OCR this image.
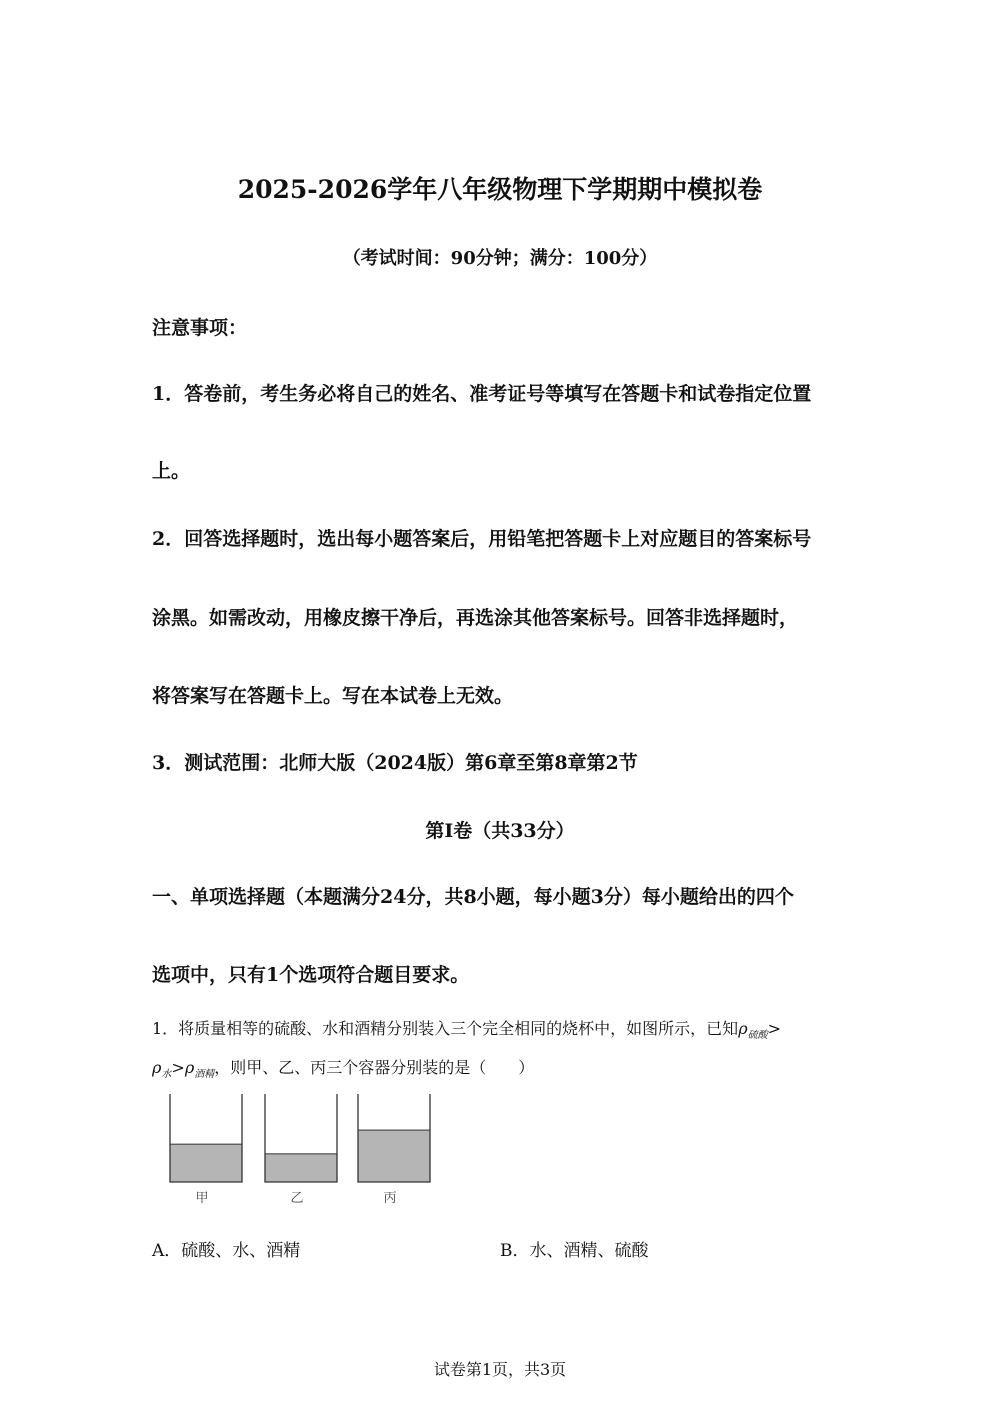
2025-2026学年八年级物理下学期期中模拟卷
（考试时间：90分钟；满分：100分）
注意事项：
1．答卷前，考生务必将自己的姓名、准考证号等填写在答题卡和试卷指定位置
上。
2．回答选择题时，选出每小题答案后，用铅笔把答题卡上对应题目的答案标号
涂黑。如需改动，用橡皮擦干净后，再选涂其他答案标号。回答非选择题时，
将答案写在答题卡上。写在本试卷上无效。
3．测试范围：北师大版（2024版）第6章至第8章第2节
第I卷（共33分）
一、单项选择题（本题满分24分，共8小题，每小题3分）每小题给出的四个
选项中，只有1个选项符合题目要求。
1．将质量相等的硫酸、水和酒精分别装入三个完全相同的烧杯中，如图所示，已知$\rho_{硫酸}>$
$\rho_水>\rho_{酒精}$，则甲、乙、丙三个容器分别装的是（　　）
甲	乙	丙
A．硫酸、水、酒精	B．水、酒精、硫酸
试卷第1页，共3页
